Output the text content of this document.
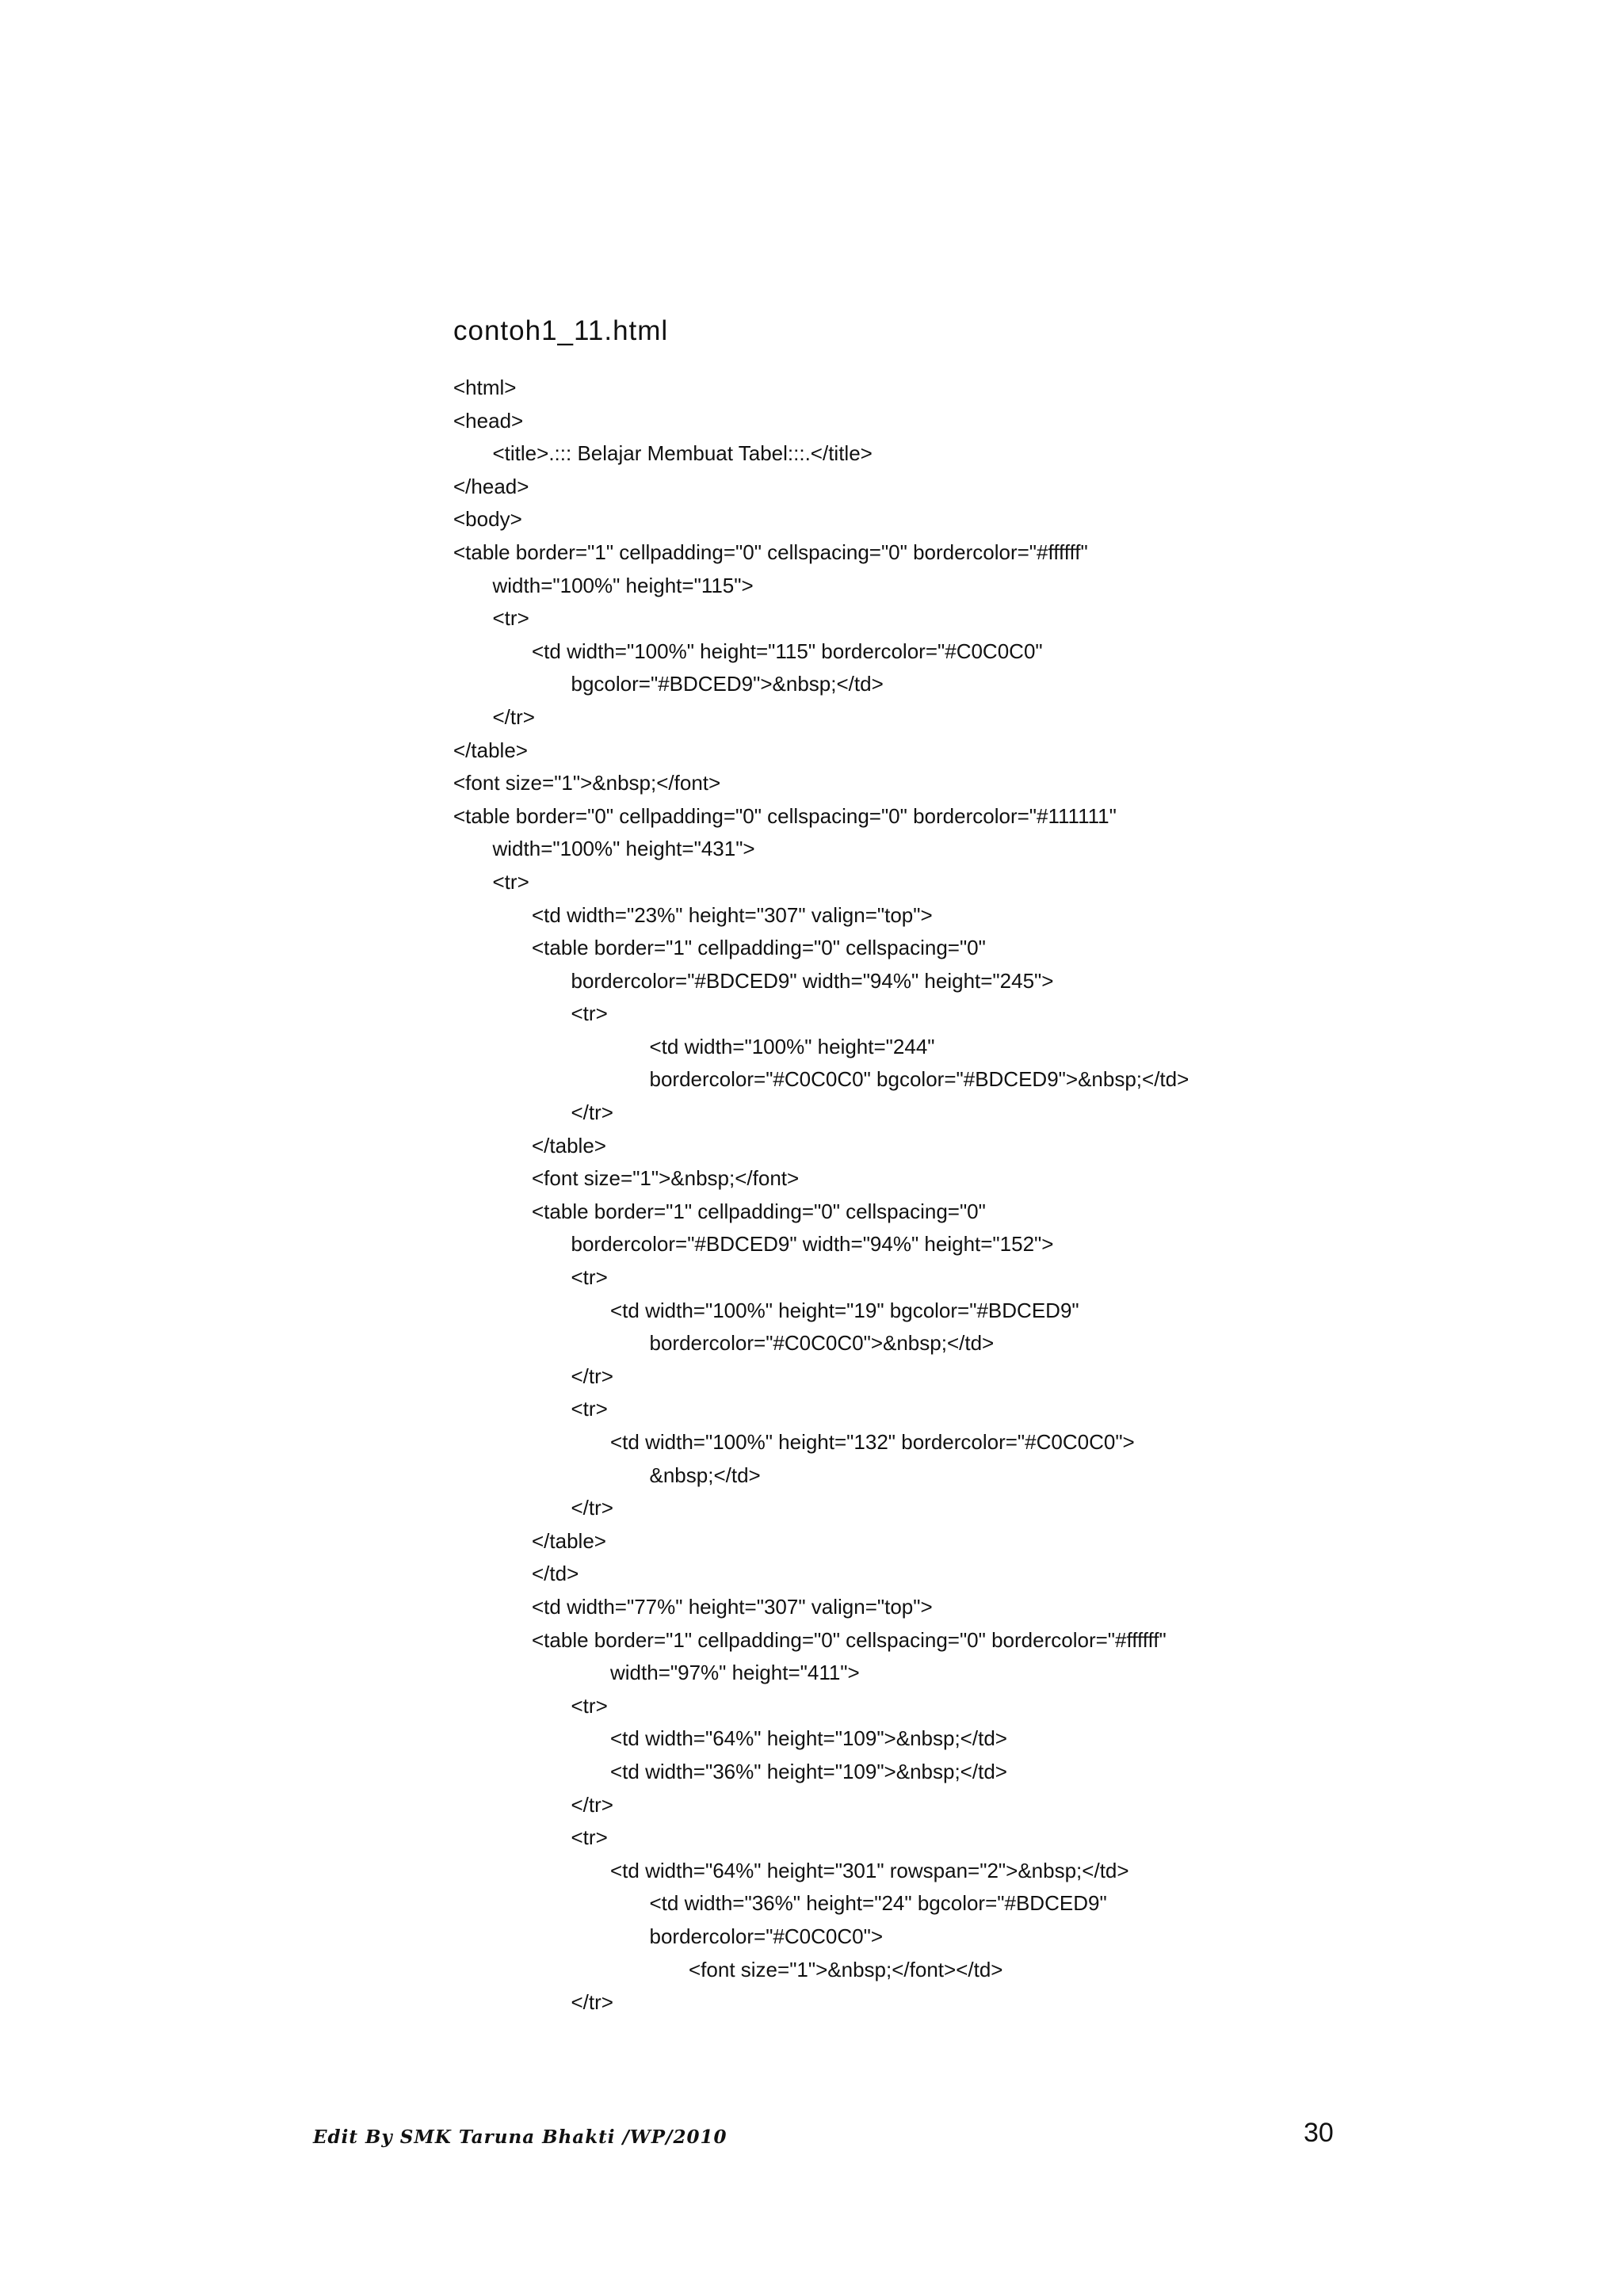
contoh1_11.html
<html>
<head>
<title>.::: Belajar Membuat Tabel:::.</title>
</head>
<body>
<table border="1" cellpadding="0" cellspacing="0" bordercolor="#ffffff"
width="100%" height="115">
<tr>
<td width="100%" height="115" bordercolor="#C0C0C0"
bgcolor="#BDCED9">&nbsp;</td>
</tr>
</table>
<font size="1">&nbsp;</font>
<table border="0" cellpadding="0" cellspacing="0" bordercolor="#111111"
width="100%" height="431">
<tr>
<td width="23%" height="307" valign="top">
<table border="1" cellpadding="0" cellspacing="0"
bordercolor="#BDCED9" width="94%" height="245">
<tr>
<td width="100%" height="244"
bordercolor="#C0C0C0" bgcolor="#BDCED9">&nbsp;</td>
</tr>
</table>
<font size="1">&nbsp;</font>
<table border="1" cellpadding="0" cellspacing="0"
bordercolor="#BDCED9" width="94%" height="152">
<tr>
<td width="100%" height="19" bgcolor="#BDCED9"
bordercolor="#C0C0C0">&nbsp;</td>
</tr>
<tr>
<td width="100%" height="132" bordercolor="#C0C0C0">
&nbsp;</td>
</tr>
</table>
</td>
<td width="77%" height="307" valign="top">
<table border="1" cellpadding="0" cellspacing="0" bordercolor="#ffffff"
width="97%" height="411">
<tr>
<td width="64%" height="109">&nbsp;</td>
<td width="36%" height="109">&nbsp;</td>
</tr>
<tr>
<td width="64%" height="301" rowspan="2">&nbsp;</td>
<td width="36%" height="24" bgcolor="#BDCED9"
bordercolor="#C0C0C0">
<font size="1">&nbsp;</font></td>
</tr>
Edit By SMK Taruna Bhakti /WP/2010	30
